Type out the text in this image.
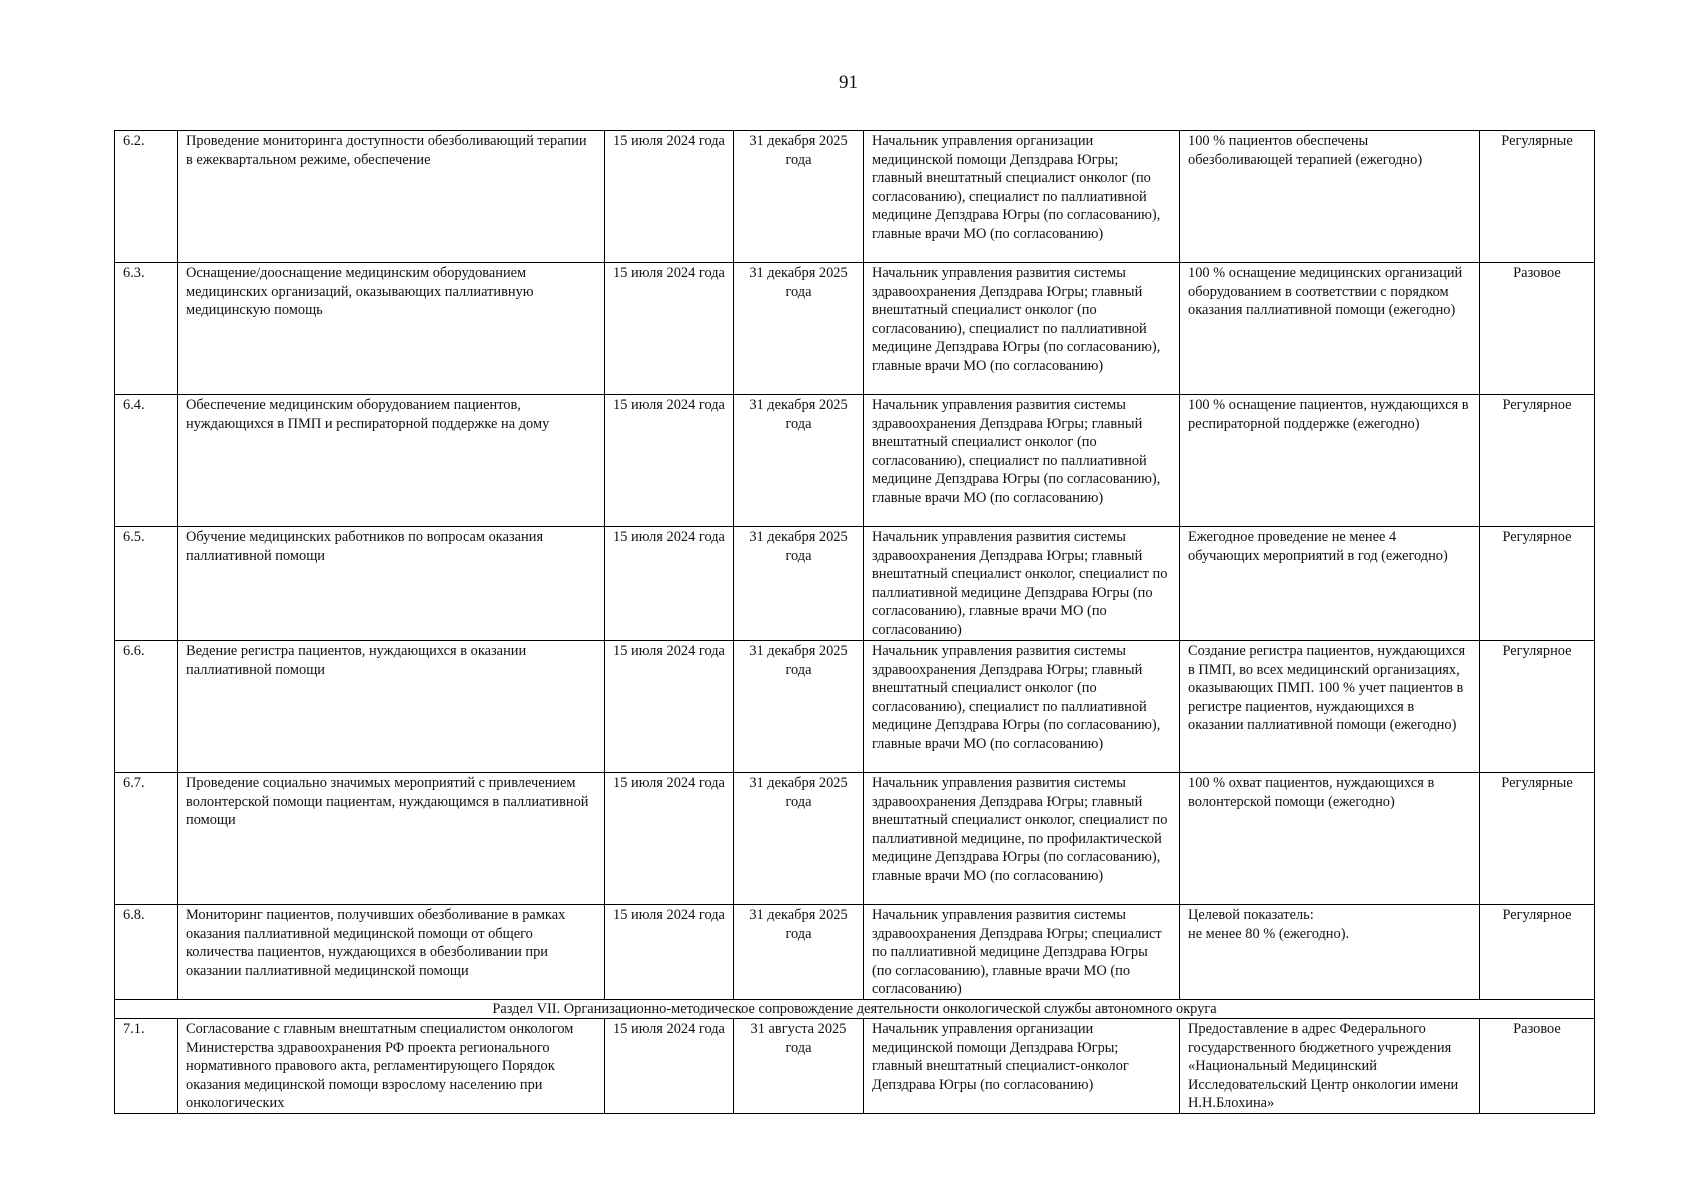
91
6.2.	Проведение мониторинга доступности обезболивающий терапии в ежеквартальном режиме, обеспечение	15 июля 2024 года	31 декабря 2025 года	Начальник управления организации медицинской помощи Депздрава Югры; главный внештатный специалист онколог (по согласованию), специалист по паллиативной медицине Депздрава Югры (по согласованию), главные врачи МО (по согласованию)	100 % пациентов обеспечены обезболивающей терапией (ежегодно)	Регулярные
6.3.	Оснащение/дооснащение медицинским оборудованием медицинских организаций, оказывающих паллиативную медицинскую помощь	15 июля 2024 года	31 декабря 2025 года	Начальник управления развития системы здравоохранения Депздрава Югры; главный внештатный специалист онколог (по согласованию), специалист по паллиативной медицине Депздрава Югры (по согласованию), главные врачи МО (по согласованию)	100 % оснащение медицинских организаций оборудованием в соответствии с порядком оказания паллиативной помощи (ежегодно)	Разовое
6.4.	Обеспечение медицинским оборудованием пациентов, нуждающихся в ПМП и респираторной поддержке на дому	15 июля 2024 года	31 декабря 2025 года	Начальник управления развития системы здравоохранения Депздрава Югры; главный внештатный специалист онколог (по согласованию), специалист по паллиативной медицине Депздрава Югры (по согласованию), главные врачи МО (по согласованию)	100 % оснащение пациентов, нуждающихся в респираторной поддержке (ежегодно)	Регулярное
6.5.	Обучение медицинских работников по вопросам оказания паллиативной помощи	15 июля 2024 года	31 декабря 2025 года	Начальник управления развития системы здравоохранения Депздрава Югры; главный внештатный специалист онколог, специалист по паллиативной медицине Депздрава Югры (по согласованию), главные врачи МО (по согласованию)	Ежегодное проведение не менее 4 обучающих мероприятий в год (ежегодно)	Регулярное
6.6.	Ведение регистра пациентов, нуждающихся в оказании паллиативной помощи	15 июля 2024 года	31 декабря 2025 года	Начальник управления развития системы здравоохранения Депздрава Югры; главный внештатный специалист онколог (по согласованию), специалист по паллиативной медицине Депздрава Югры (по согласованию), главные врачи МО (по согласованию)	Создание регистра пациентов, нуждающихся в ПМП, во всех медицинский организациях, оказывающих ПМП. 100 % учет пациентов в регистре пациентов, нуждающихся в оказании паллиативной помощи (ежегодно)	Регулярное
6.7.	Проведение социально значимых мероприятий с привлечением волонтерской помощи пациентам, нуждающимся в паллиативной помощи	15 июля 2024 года	31 декабря 2025 года	Начальник управления развития системы здравоохранения Депздрава Югры; главный внештатный специалист онколог, специалист по паллиативной медицине, по профилактической медицине Депздрава Югры (по согласованию), главные врачи МО (по согласованию)	100 % охват пациентов, нуждающихся в волонтерской помощи (ежегодно)	Регулярные
6.8.	Мониторинг пациентов, получивших обезболивание в рамках оказания паллиативной медицинской помощи от общего количества пациентов, нуждающихся в обезболивании при оказании паллиативной медицинской помощи	15 июля 2024 года	31 декабря 2025 года	Начальник управления развития системы здравоохранения Депздрава Югры; специалист по паллиативной медицине Депздрава Югры (по согласованию), главные врачи МО (по согласованию)	Целевой показатель:
не менее 80 % (ежегодно).	Регулярное
Раздел VII. Организационно-методическое сопровождение деятельности онкологической службы автономного округа						
7.1.	Согласование с главным внештатным специалистом онкологом Министерства здравоохранения РФ проекта регионального нормативного правового акта, регламентирующего Порядок оказания медицинской помощи взрослому населению при онкологических	15 июля 2024 года	31 августа 2025 года	Начальник управления организации медицинской помощи Депздрава Югры; главный внештатный специалист-онколог Депздрава Югры (по согласованию)	Предоставление в адрес Федерального государственного бюджетного учреждения «Национальный Медицинский Исследовательский Центр онкологии имени Н.Н.Блохина»	Разовое
